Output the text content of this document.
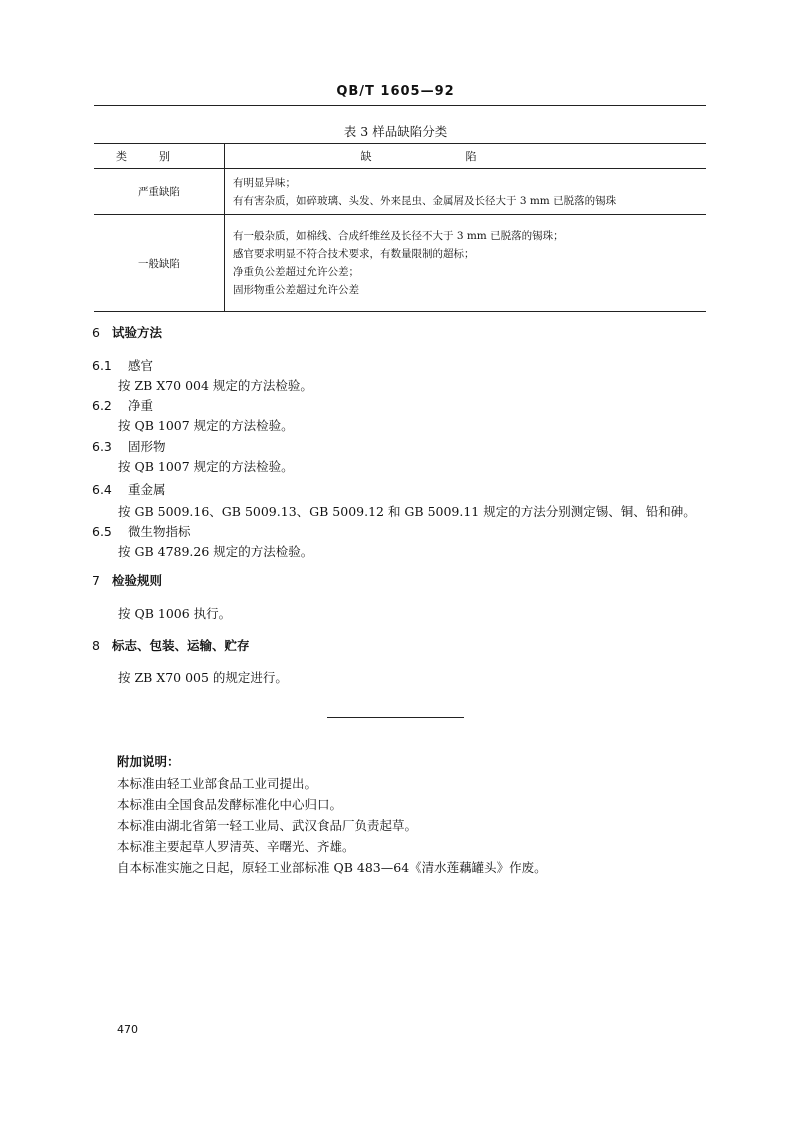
QB/T 1605—92
表 3 样品缺陷分类
类别	缺陷
严重缺陷	有明显异味；
有有害杂质，如碎玻璃、头发、外来昆虫、金属屑及长径大于 3 mm 已脱落的锡珠

一般缺陷	有一般杂质，如棉线、合成纤维丝及长径不大于 3 mm 已脱落的锡珠；
感官要求明显不符合技术要求，有数量限制的超标；
净重负公差超过允许公差；
固形物重公差超过允许公差
6 试验方法
6.1 感官
按 ZB X70 004 规定的方法检验。
6.2 净重
按 QB 1007 规定的方法检验。
6.3 固形物
按 QB 1007 规定的方法检验。
6.4 重金属
按 GB 5009.16、GB 5009.13、GB 5009.12 和 GB 5009.11 规定的方法分别测定锡、铜、铅和砷。
6.5 微生物指标
按 GB 4789.26 规定的方法检验。
7 检验规则
按 QB 1006 执行。
8 标志、包装、运输、贮存
按 ZB X70 005 的规定进行。
附加说明：
本标准由轻工业部食品工业司提出。
本标准由全国食品发酵标准化中心归口。
本标准由湖北省第一轻工业局、武汉食品厂负责起草。
本标准主要起草人罗清英、辛曙光、齐雄。
自本标准实施之日起，原轻工业部标准 QB 483—64《清水莲藕罐头》作废。
470
